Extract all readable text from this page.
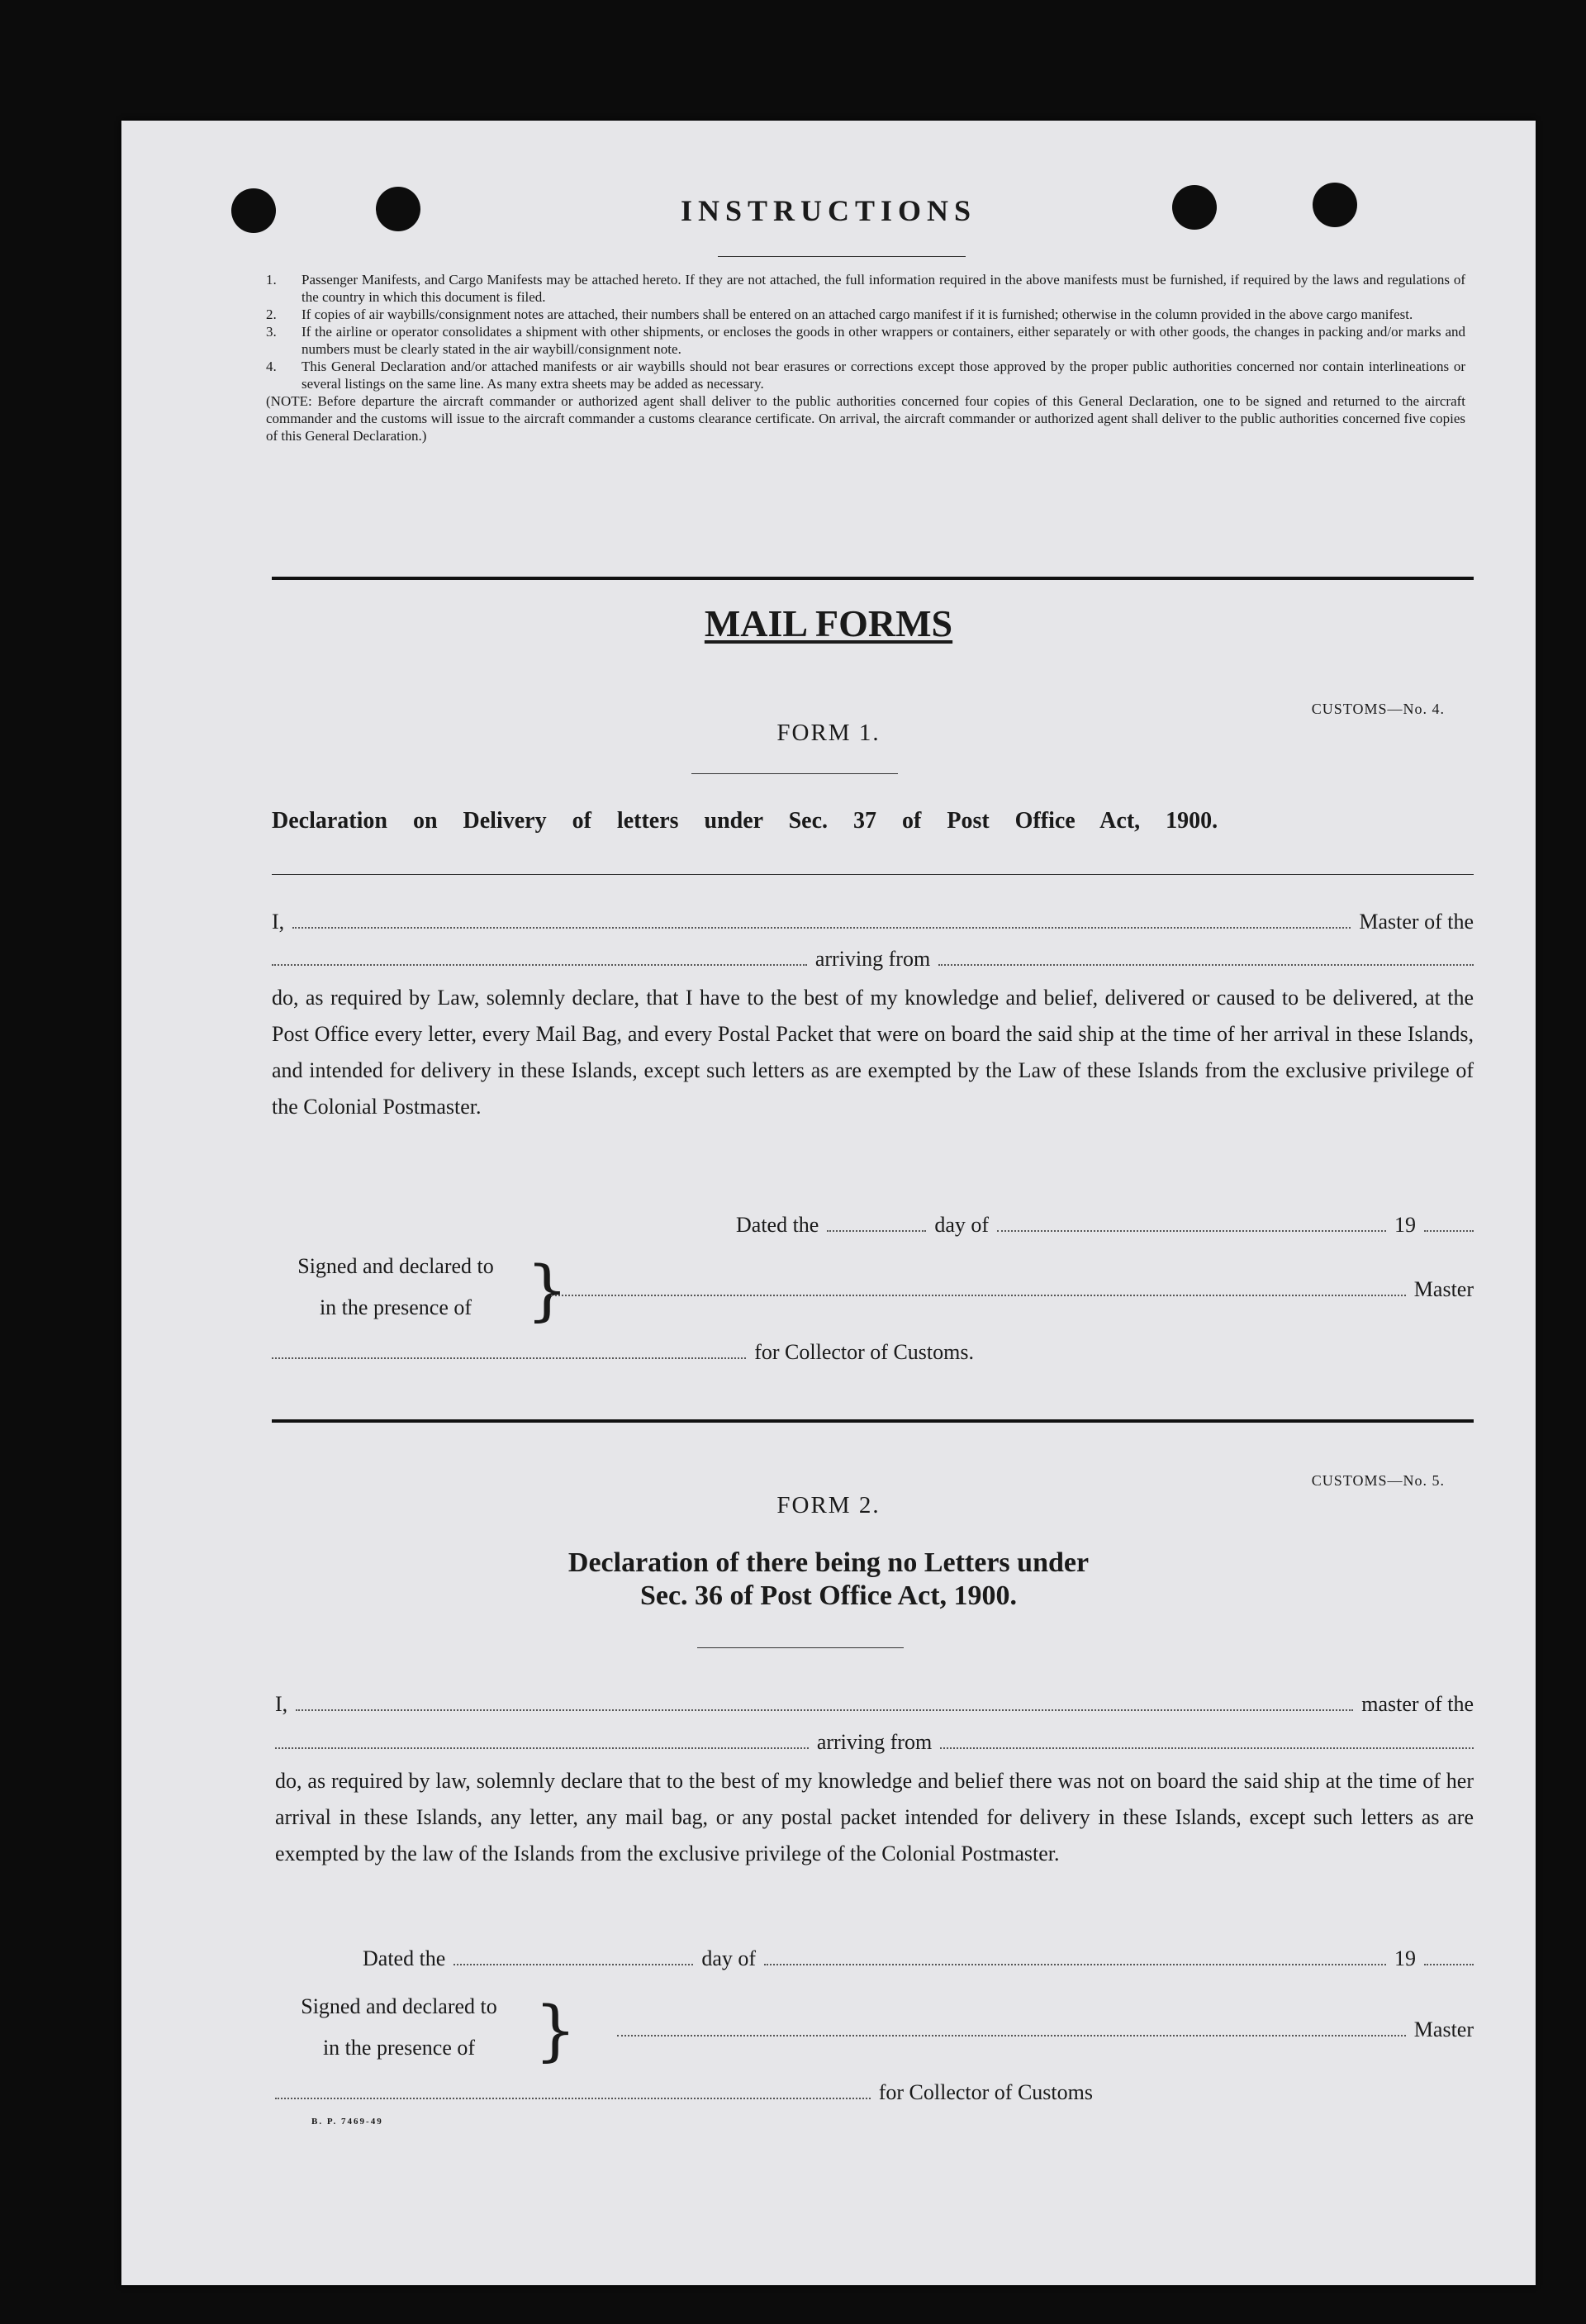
INSTRUCTIONS
1. Passenger Manifests, and Cargo Manifests may be attached hereto. If they are not attached, the full information required in the above manifests must be furnished, if required by the laws and regulations of the country in which this document is filed.
2. If copies of air waybills/consignment notes are attached, their numbers shall be entered on an attached cargo manifest if it is furnished; otherwise in the column provided in the above cargo manifest.
3. If the airline or operator consolidates a shipment with other shipments, or encloses the goods in other wrappers or containers, either separately or with other goods, the changes in packing and/or marks and numbers must be clearly stated in the air waybill/consignment note.
4. This General Declaration and/or attached manifests or air waybills should not bear erasures or corrections except those approved by the proper public authorities concerned nor contain interlineations or several listings on the same line. As many extra sheets may be added as necessary.
(NOTE: Before departure the aircraft commander or authorized agent shall deliver to the public authorities concerned four copies of this General Declaration, one to be signed and returned to the aircraft commander and the customs will issue to the aircraft commander a customs clearance certificate. On arrival, the aircraft commander or authorized agent shall deliver to the public authorities concerned five copies of this General Declaration.)
MAIL FORMS
CUSTOMS—No. 4.
FORM 1.
Declaration on Delivery of letters under Sec. 37 of Post Office Act, 1900.
I,	Master of the
arriving from
do, as required by Law, solemnly declare, that I have to the best of my knowledge and belief, delivered or caused to be delivered, at the Post Office every letter, every Mail Bag, and every Postal Packet that were on board the said ship at the time of her arrival in these Islands, and intended for delivery in these Islands, except such letters as are exempted by the Law of these Islands from the exclusive privilege of the Colonial Postmaster.
Dated the	day of	19
Signed and declared to
in the presence of }	Master
for Collector of Customs.
CUSTOMS—No. 5.
FORM 2.
Declaration of there being no Letters under
Sec. 36 of Post Office Act, 1900.
I,	master of the
arriving from
do, as required by law, solemnly declare that to the best of my knowledge and belief there was not on board the said ship at the time of her arrival in these Islands, any letter, any mail bag, or any postal packet intended for delivery in these Islands, except such letters as are exempted by the law of the Islands from the exclusive privilege of the Colonial Postmaster.
Dated the	day of	19
Signed and declared to
in the presence of }	Master
for Collector of Customs
B. P. 7469-49
